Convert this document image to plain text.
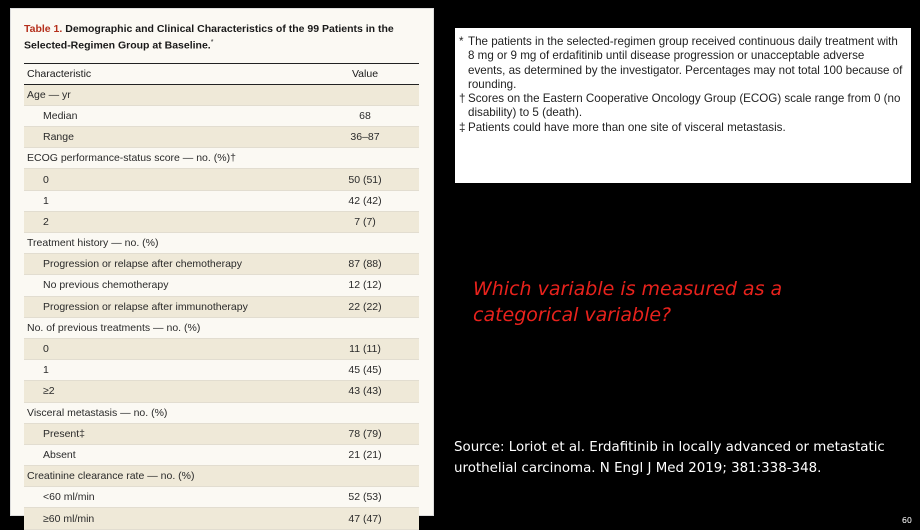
Table 1. Demographic and Clinical Characteristics of the 99 Patients in the Selected-Regimen Group at Baseline.*
Characteristic	Value
Age — yr
Median	68
Range	36–87
ECOG performance-status score — no. (%)†
0	50 (51)
1	42 (42)
2	7 (7)
Treatment history — no. (%)
Progression or relapse after chemotherapy	87 (88)
No previous chemotherapy	12 (12)
Progression or relapse after immunotherapy	22 (22)
No. of previous treatments — no. (%)
0	11 (11)
1	45 (45)
≥2	43 (43)
Visceral metastasis — no. (%)
Present‡	78 (79)
Absent	21 (21)
Creatinine clearance rate — no. (%)
<60 ml/min	52 (53)
≥60 ml/min	47 (47)
* The patients in the selected-regimen group received continuous daily treatment with 8 mg or 9 mg of erdafitinib until disease progression or unacceptable adverse events, as determined by the investigator. Percentages may not total 100 because of rounding.
† Scores on the Eastern Cooperative Oncology Group (ECOG) scale range from 0 (no disability) to 5 (death).
‡ Patients could have more than one site of visceral metastasis.
Which variable is measured as a categorical variable?
Source: Loriot et al. Erdafitinib in locally advanced or metastatic urothelial carcinoma. N Engl J Med 2019; 381:338-348.
60
